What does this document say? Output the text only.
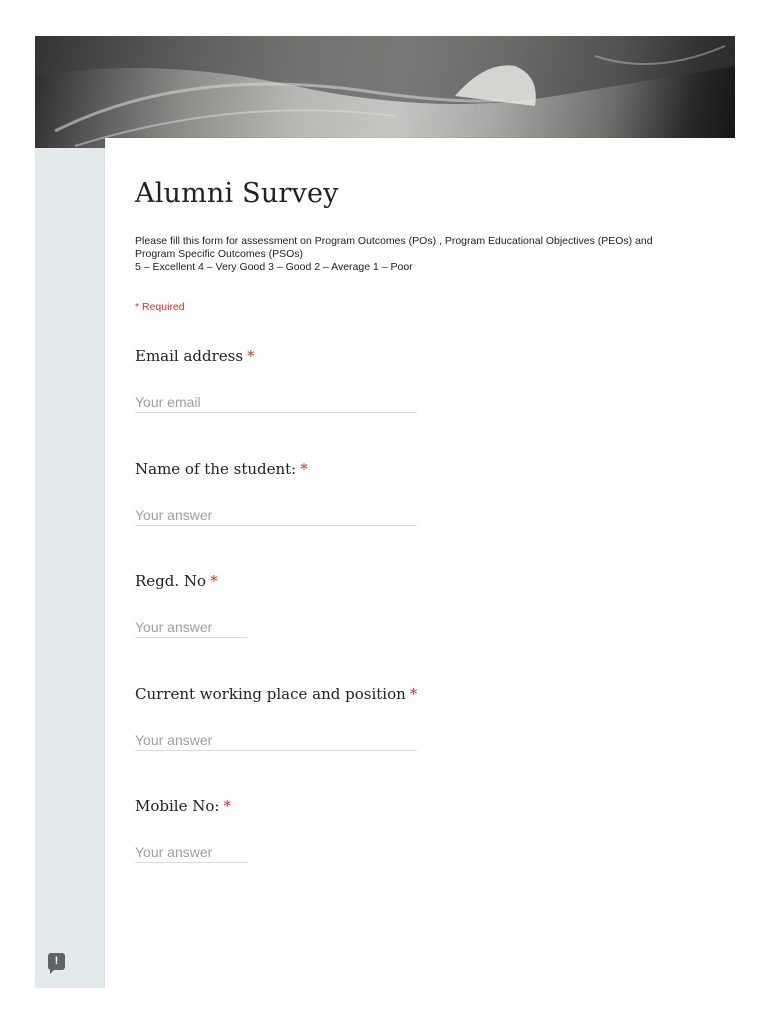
Alumni Survey
Please fill this form for assessment on Program Outcomes (POs) , Program Educational Objectives (PEOs) and
Program Specific Outcomes (PSOs)
5 – Excellent 4 – Very Good 3 – Good 2 – Average 1 – Poor
* Required
Email address *
Your email
Name of the student: *
Your answer
Regd. No *
Your answer
Current working place and position *
Your answer
Mobile No: *
Your answer
!
